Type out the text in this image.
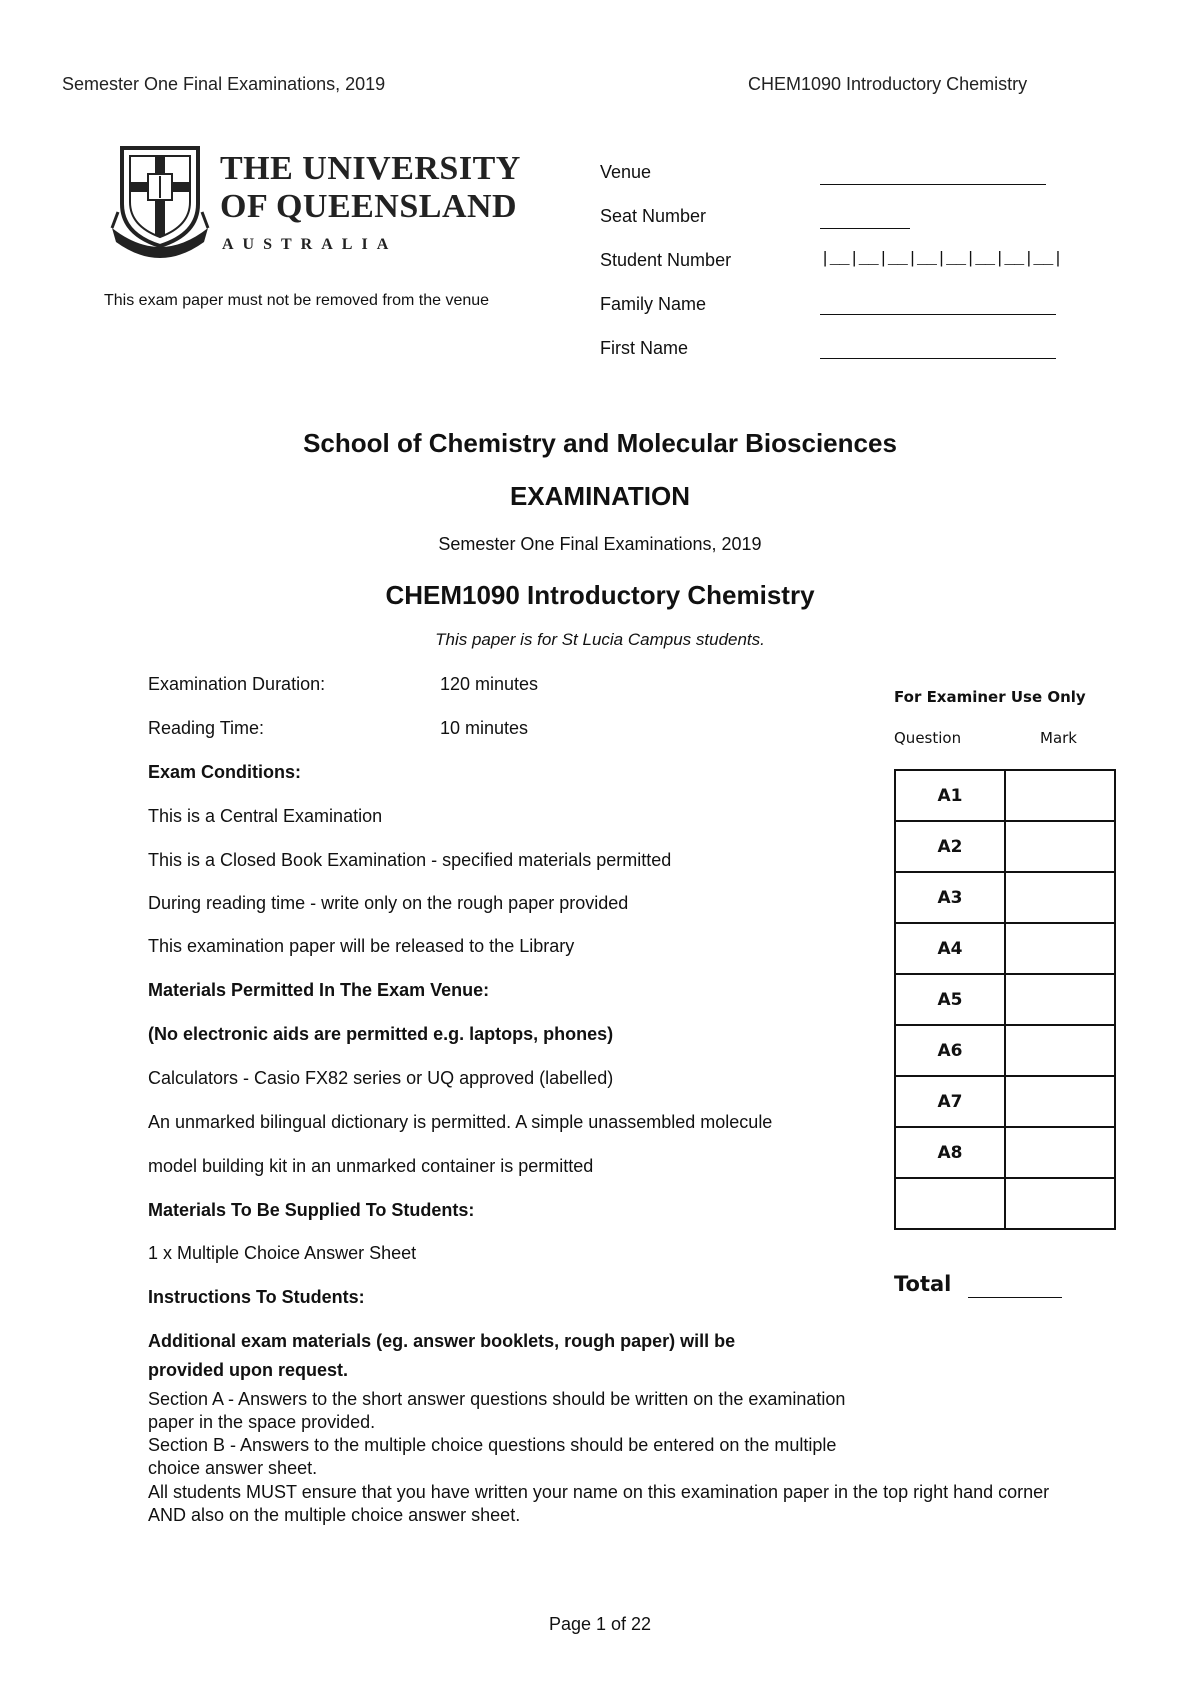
Semester One Final Examinations, 2019	CHEM1090 Introductory Chemistry
THE UNIVERSITY
OF QUEENSLAND
AUSTRALIA
This exam paper must not be removed from the venue
Venue
Seat Number
Student Number	|__|__|__|__|__|__|__|__|
Family Name
First Name
School of Chemistry and Molecular Biosciences
EXAMINATION
Semester One Final Examinations, 2019
CHEM1090 Introductory Chemistry
This paper is for St Lucia Campus students.
Examination Duration:	120 minutes
Reading Time:	10 minutes
Exam Conditions:
This is a Central Examination
This is a Closed Book Examination - specified materials permitted
During reading time - write only on the rough paper provided
This examination paper will be released to the Library
Materials Permitted In The Exam Venue:
(No electronic aids are permitted e.g. laptops, phones)
Calculators - Casio FX82 series or UQ approved (labelled)
An unmarked bilingual dictionary is permitted. A simple unassembled molecule
model building kit in an unmarked container is permitted
Materials To Be Supplied To Students:
1 x Multiple Choice Answer Sheet
Instructions To Students:
Additional exam materials (eg. answer booklets, rough paper) will be
provided upon request.
Section A - Answers to the short answer questions should be written on the examination paper in the space provided.
Section B - Answers to the multiple choice questions should be entered on the multiple choice answer sheet.
All students MUST ensure that you have written your name on this examination paper in the top right hand corner AND also on the multiple choice answer sheet.
For Examiner Use Only
Question	Mark
A1	
A2	
A3	
A4	
A5	
A6	
A7	
A8	

Total
Page 1 of 22
